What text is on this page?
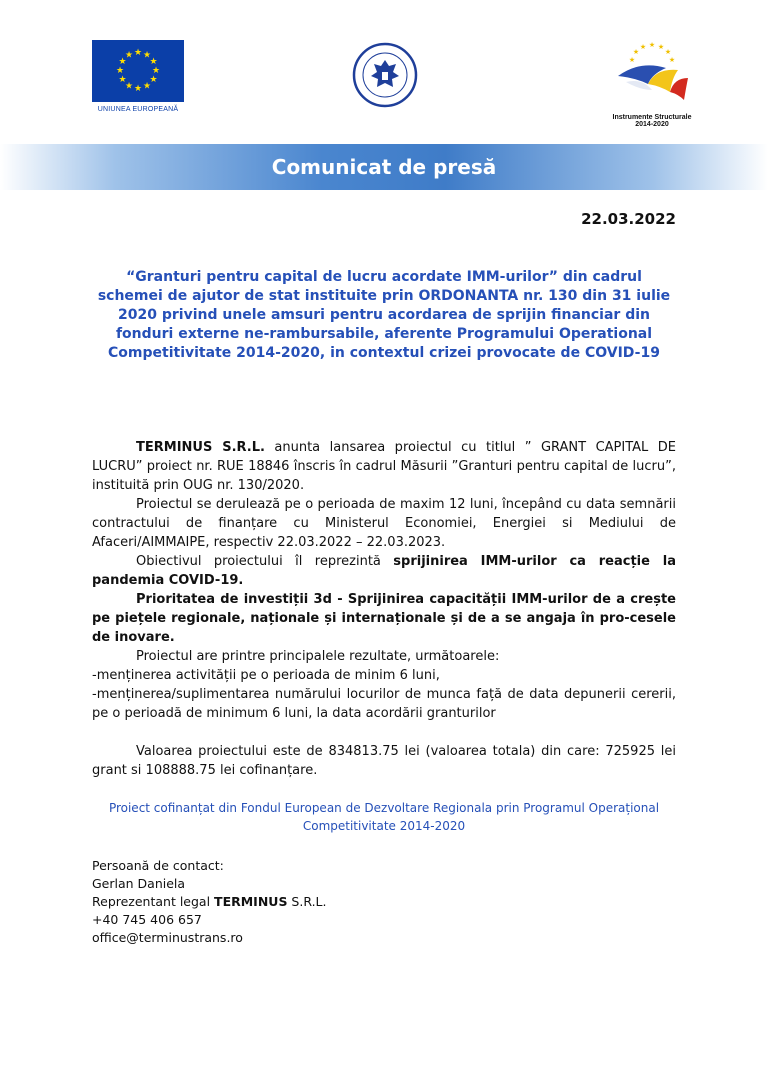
★ ★
★
★
★
★
★
★
★
★
★
★
UNIUNEA EUROPEANĂ
★ ★
★
★
★
★
★
Instrumente Structurale
2014-2020
Comunicat de presă
22.03.2022
“Granturi pentru capital de lucru acordate IMM-urilor” din cadrul schemei de ajutor de stat instituite prin ORDONANTA nr. 130 din 31 iulie 2020 privind unele amsuri pentru acordarea de sprijin financiar din fonduri externe ne-rambursabile, aferente Programului Operational Competitivitate 2014-2020, in contextul crizei provocate de COVID-19

TERMINUS S.R.L. anunta lansarea proiectul cu titlul ” GRANT CAPITAL DE LUCRU” proiect nr. RUE 18846 înscris în cadrul Măsurii ”Granturi pentru capital de lucru”, instituită prin OUG nr. 130/2020.

Proiectul se derulează pe o perioada de maxim 12 luni, începând cu data semnării contractului de finanțare cu Ministerul Economiei, Energiei si Mediului de Afaceri/AIMMAIPE, respectiv 22.03.2022 – 22.03.2023.

Obiectivul proiectului îl reprezintă sprijinirea IMM-urilor ca reacție la pandemia COVID-19.

Prioritatea de investiții 3d - Sprijinirea capacității IMM-urilor de a crește pe piețele regionale, naționale și internaționale și de a se angaja în pro-cesele de inovare.

Proiectul are printre principalele rezultate, următoarele:

-menținerea activității pe o perioada de minim 6 luni,

-menținerea/suplimentarea numărului locurilor de munca față de data depunerii cererii, pe o perioadă de minimum 6 luni, la data acordării granturilor

Valoarea proiectului este de 834813.75 lei (valoarea totala) din care: 725925 lei grant si 108888.75 lei cofinanțare.

Proiect cofinanțat din Fondul European de Dezvoltare Regionala prin Programul Operațional Competitivitate 2014-2020
Persoană de contact:
Gerlan Daniela
Reprezentant legal TERMINUS S.R.L.
+40 745 406 657
office@terminustrans.ro
